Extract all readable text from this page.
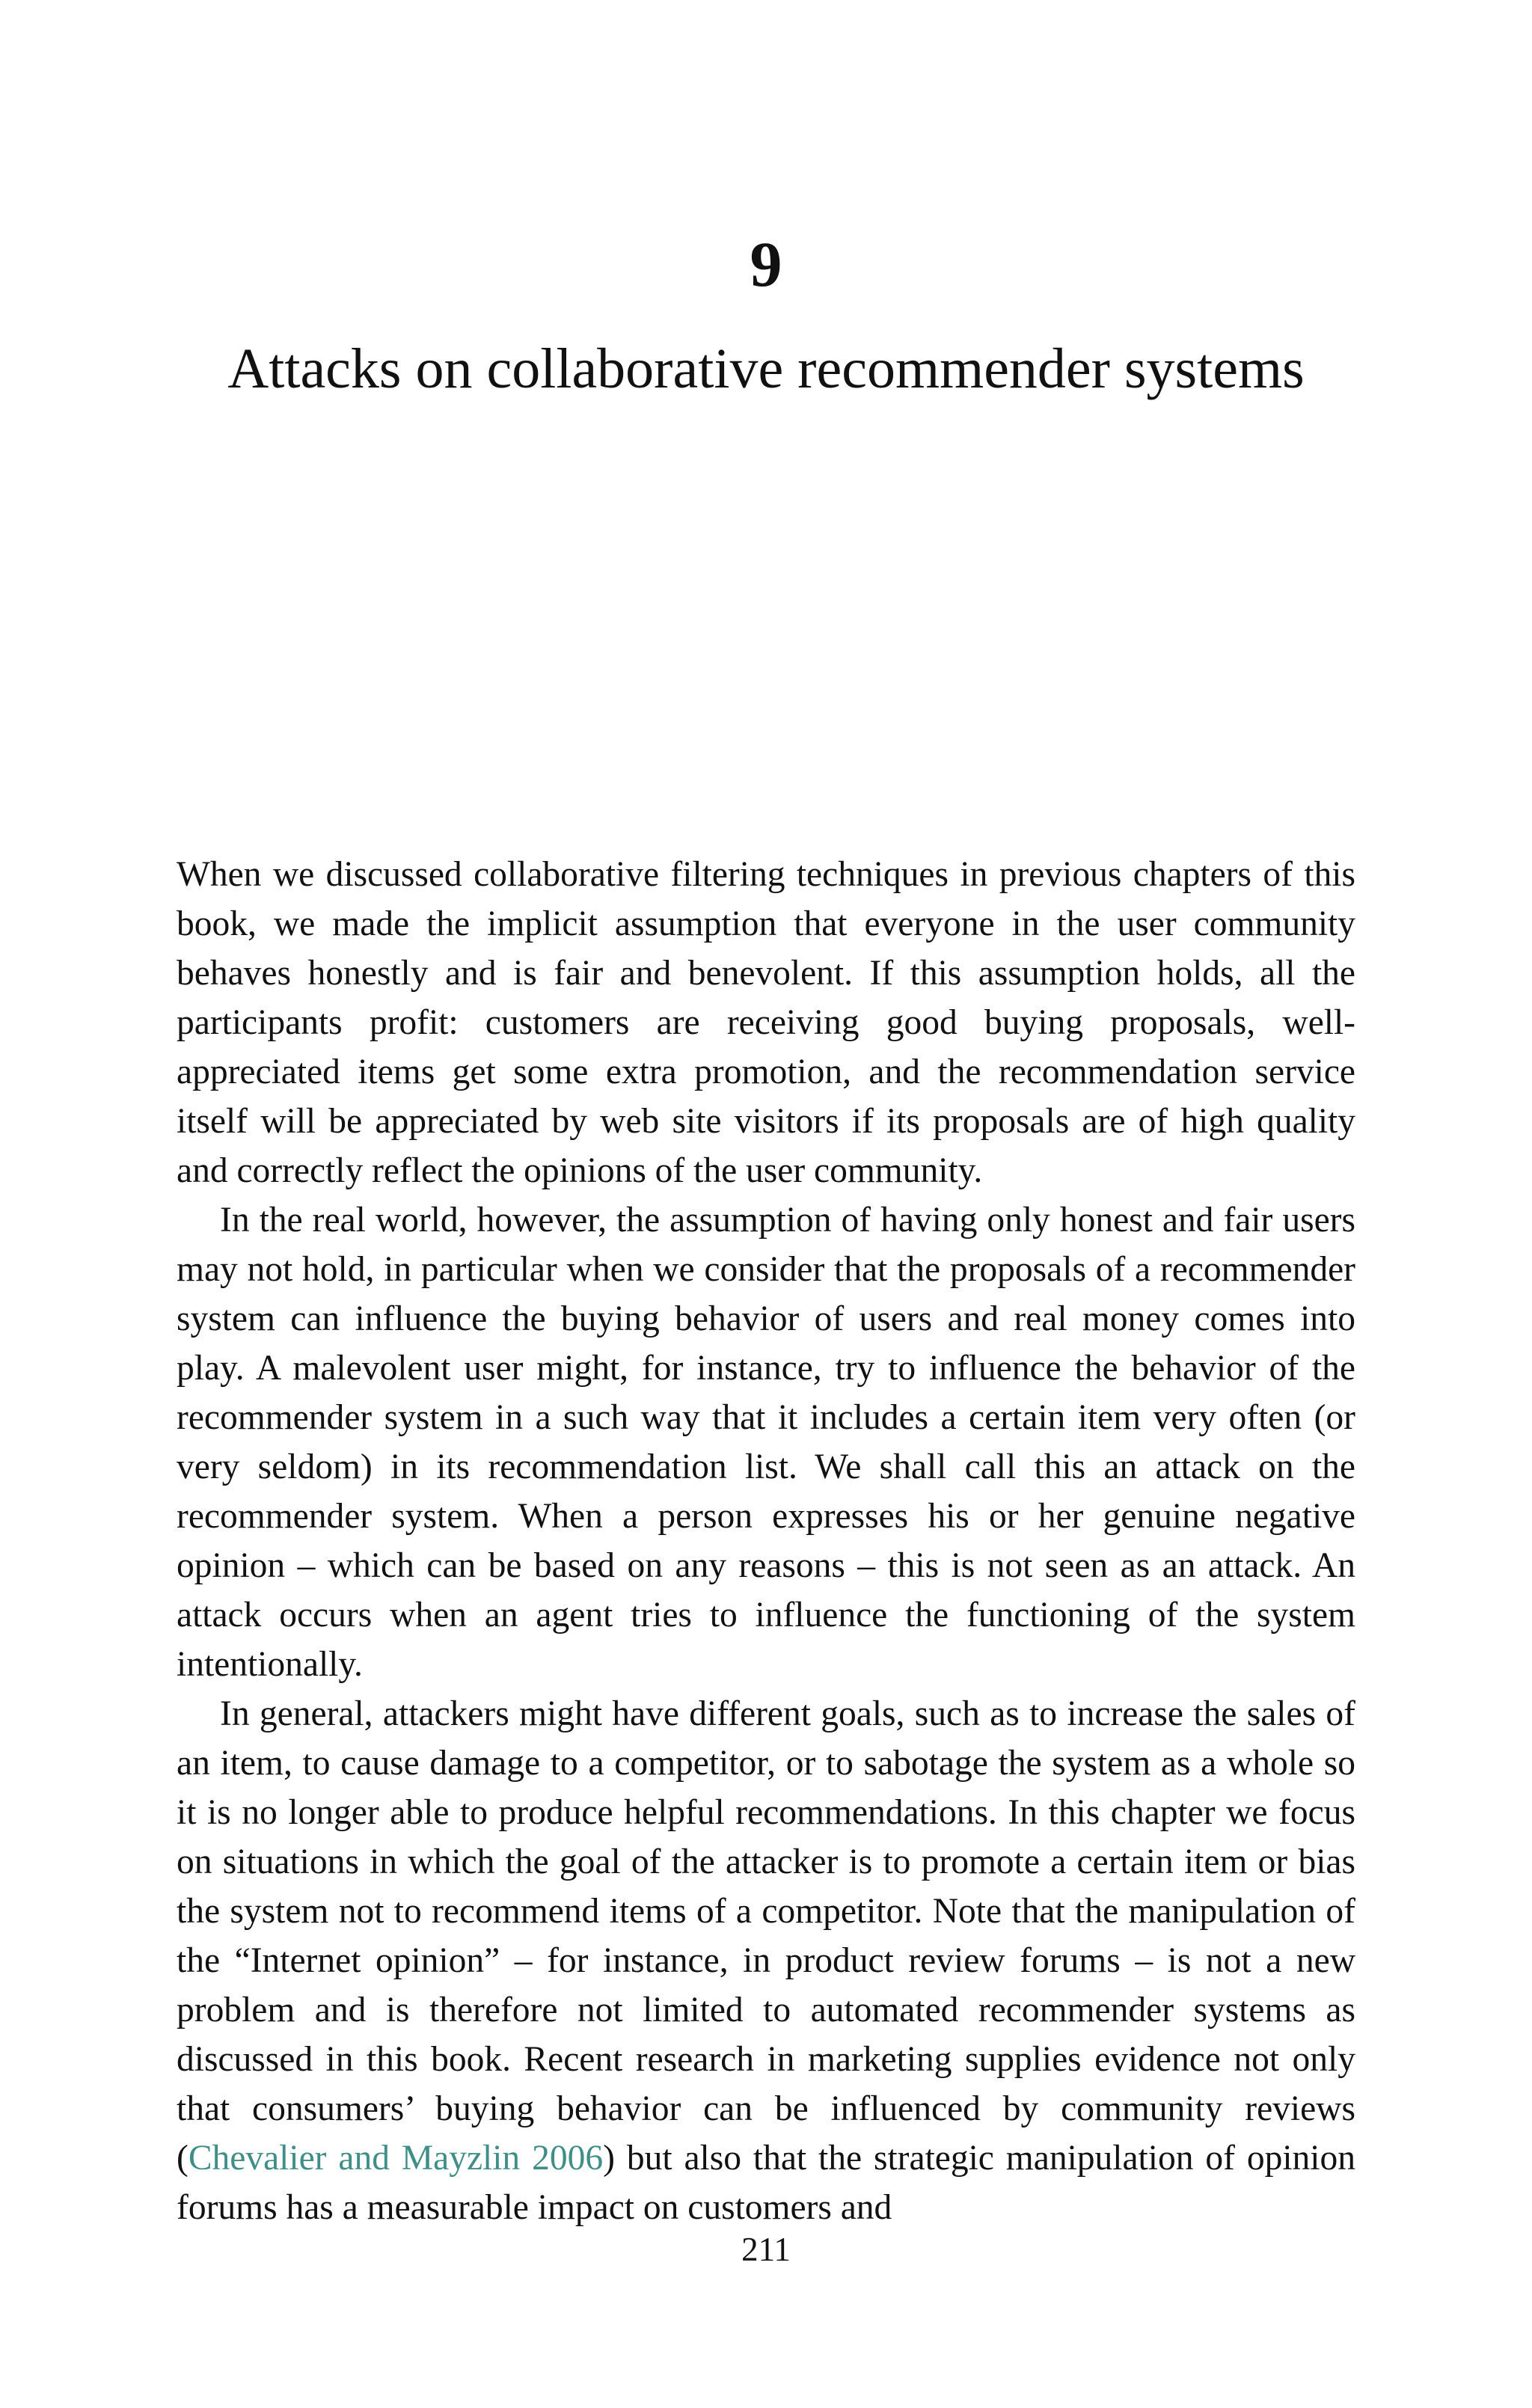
9
Attacks on collaborative recommender systems

When we discussed collaborative filtering techniques in previous chapters of this book, we made the implicit assumption that everyone in the user community behaves honestly and is fair and benevolent. If this assumption holds, all the participants profit: customers are receiving good buying proposals, well-appreciated items get some extra promotion, and the recommendation service itself will be appreciated by web site visitors if its proposals are of high quality and correctly reflect the opinions of the user community.

In the real world, however, the assumption of having only honest and fair users may not hold, in particular when we consider that the proposals of a recommender system can influence the buying behavior of users and real money comes into play. A malevolent user might, for instance, try to influence the behavior of the recommender system in a such way that it includes a certain item very often (or very seldom) in its recommendation list. We shall call this an attack on the recommender system. When a person expresses his or her genuine negative opinion – which can be based on any reasons – this is not seen as an attack. An attack occurs when an agent tries to influence the functioning of the system intentionally.

In general, attackers might have different goals, such as to increase the sales of an item, to cause damage to a competitor, or to sabotage the system as a whole so it is no longer able to produce helpful recommendations. In this chapter we focus on situations in which the goal of the attacker is to promote a certain item or bias the system not to recommend items of a competitor. Note that the manipulation of the “Internet opinion” – for instance, in product review forums – is not a new problem and is therefore not limited to automated recommender systems as discussed in this book. Recent research in marketing supplies evidence not only that consumers’ buying behavior can be influenced by community reviews (Chevalier and Mayzlin 2006) but also that the strategic manipulation of opinion forums has a measurable impact on customers and

211
